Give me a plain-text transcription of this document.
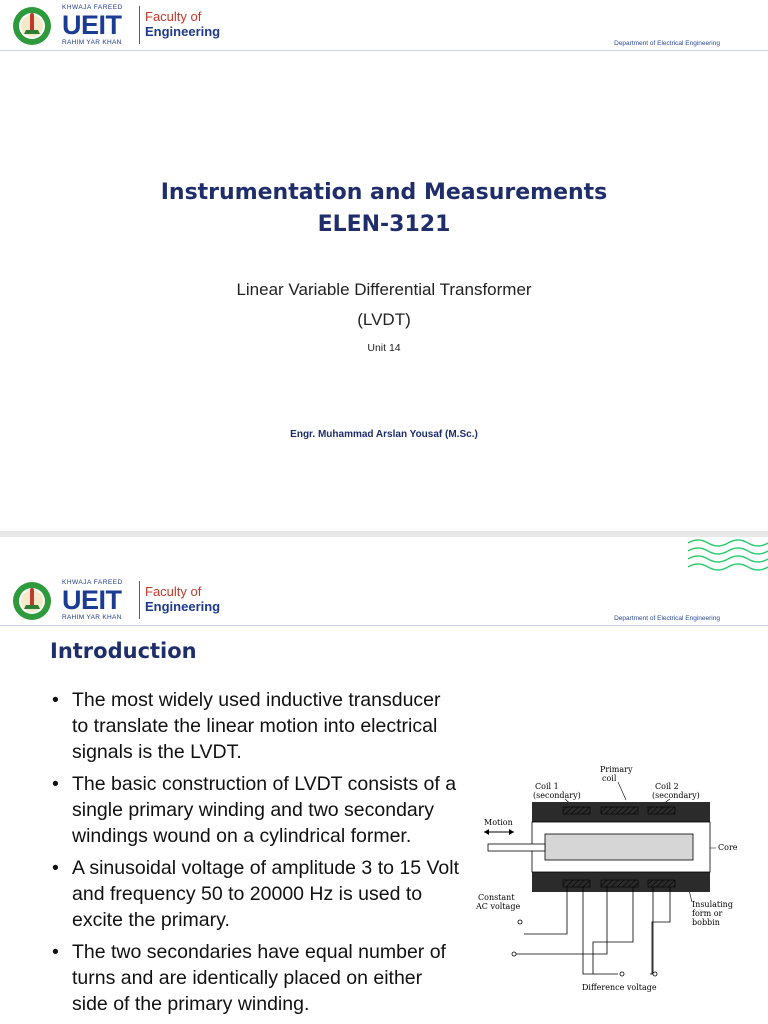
KHWAJA FAREED
UEIT
RAHIM YAR KHAN
Faculty of
Engineering
Department of Electrical Engineering
Instrumentation and Measurements
ELEN-3121
Linear Variable Differential Transformer
(LVDT)
Unit 14
Engr. Muhammad Arslan Yousaf (M.Sc.)
KHWAJA FAREED
UEIT
RAHIM YAR KHAN
Faculty of
Engineering
Department of Electrical Engineering
Introduction
• The most widely used inductive transducer to translate the linear motion into electrical signals is the LVDT.
• The basic construction of LVDT consists of a single primary winding and two secondary windings wound on a cylindrical former.
• A sinusoidal voltage of amplitude 3 to 15 Volt and frequency 50 to 20000 Hz is used to excite the primary.
• The two secondaries have equal number of turns and are identically placed on either side of the primary winding.
Primary
coil
Coil 1
(secondary)
Coil 2
(secondary)
Motion
Core
Constant
AC voltage	Insulating
form or
bobbin
Difference voltage
